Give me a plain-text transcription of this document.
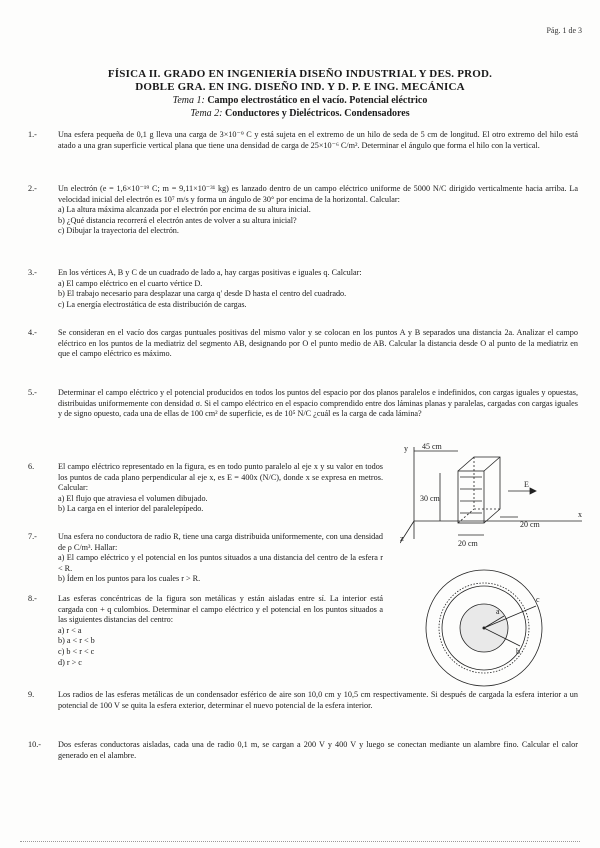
Pág. 1 de 3
FÍSICA II. GRADO EN INGENIERÍA DISEÑO INDUSTRIAL Y DES. PROD.
DOBLE GRA. EN ING. DISEÑO IND. Y D. P. E ING. MECÁNICA
Tema 1: Campo electrostático en el vacío. Potencial eléctrico
Tema 2: Conductores y Dieléctricos. Condensadores
1.-	Una esfera pequeña de 0,1 g lleva una carga de 3×10⁻⁹ C y está sujeta en el extremo de un hilo de seda de 5 cm de longitud. El otro extremo del hilo está atado a una gran superficie vertical plana que tiene una densidad de carga de 25×10⁻⁶ C/m². Determinar el ángulo que forma el hilo con la vertical.

2.-	Un electrón (e = 1,6×10⁻¹⁹ C; m = 9,11×10⁻³¹ kg) es lanzado dentro de un campo eléctrico uniforme de 5000 N/C dirigido verticalmente hacia arriba. La velocidad inicial del electrón es 10⁷ m/s y forma un ángulo de 30° por encima de la horizontal. Calcular:

a) La altura máxima alcanzada por el electrón por encima de su altura inicial.

b) ¿Qué distancia recorrerá el electrón antes de volver a su altura inicial?

c) Dibujar la trayectoria del electrón.

3.-	En los vértices A, B y C de un cuadrado de lado a, hay cargas positivas e iguales q. Calcular:

a) El campo eléctrico en el cuarto vértice D.

b) El trabajo necesario para desplazar una carga q' desde D hasta el centro del cuadrado.

c) La energía electrostática de esta distribución de cargas.

4.-	Se consideran en el vacío dos cargas puntuales positivas del mismo valor y se colocan en los puntos A y B separados una distancia 2a. Analizar el campo eléctrico en los puntos de la mediatriz del segmento AB, designando por O el punto medio de AB. Calcular la distancia desde O al punto de la mediatriz en que el campo eléctrico es máximo.

5.-	Determinar el campo eléctrico y el potencial producidos en todos los puntos del espacio por dos planos paralelos e indefinidos, con cargas iguales y opuestas, distribuidas uniformemente con densidad σ. Si el campo eléctrico en el espacio comprendido entre dos láminas planas y paralelas, cargadas con cargas iguales y de signo opuesto, cada una de ellas de 100 cm² de superficie, es de 10⁵ N/C ¿cuál es la carga de cada lámina?

6.	El campo eléctrico representado en la figura, es en todo punto paralelo al eje x y su valor en todos los puntos de cada plano perpendicular al eje x, es E = 400x (N/C), donde x se expresa en metros. Calcular:

a) El flujo que atraviesa el volumen dibujado.

b) La carga en el interior del paralelepípedo.

45 cm
30 cm
20 cm
20 cm
E
x
y
z
7.-	Una esfera no conductora de radio R, tiene una carga distribuida uniformemente, con una densidad de ρ C/m³. Hallar:

a) El campo eléctrico y el potencial en los puntos situados a una distancia del centro de la esfera r < R.

b) Ídem en los puntos para los cuales r > R.

8.-	Las esferas concéntricas de la figura son metálicas y están aisladas entre sí. La interior está cargada con + q culombios. Determinar el campo eléctrico y el potencial en los puntos situados a las siguientes distancias del centro:

a) r < a

b) a < r < b

c) b < r < c

d) r > c

a
b
c
9.	Los radios de las esferas metálicas de un condensador esférico de aire son 10,0 cm y 10,5 cm respectivamente. Si después de cargada la esfera interior a un potencial de 100 V se quita la esfera exterior, determinar el nuevo potencial de la esfera interior.

10.- Dos esferas conductoras aisladas, cada una de radio 0,1 m, se cargan a 200 V y 400 V y luego se conectan mediante un alambre fino. Calcular el calor generado en el alambre.
